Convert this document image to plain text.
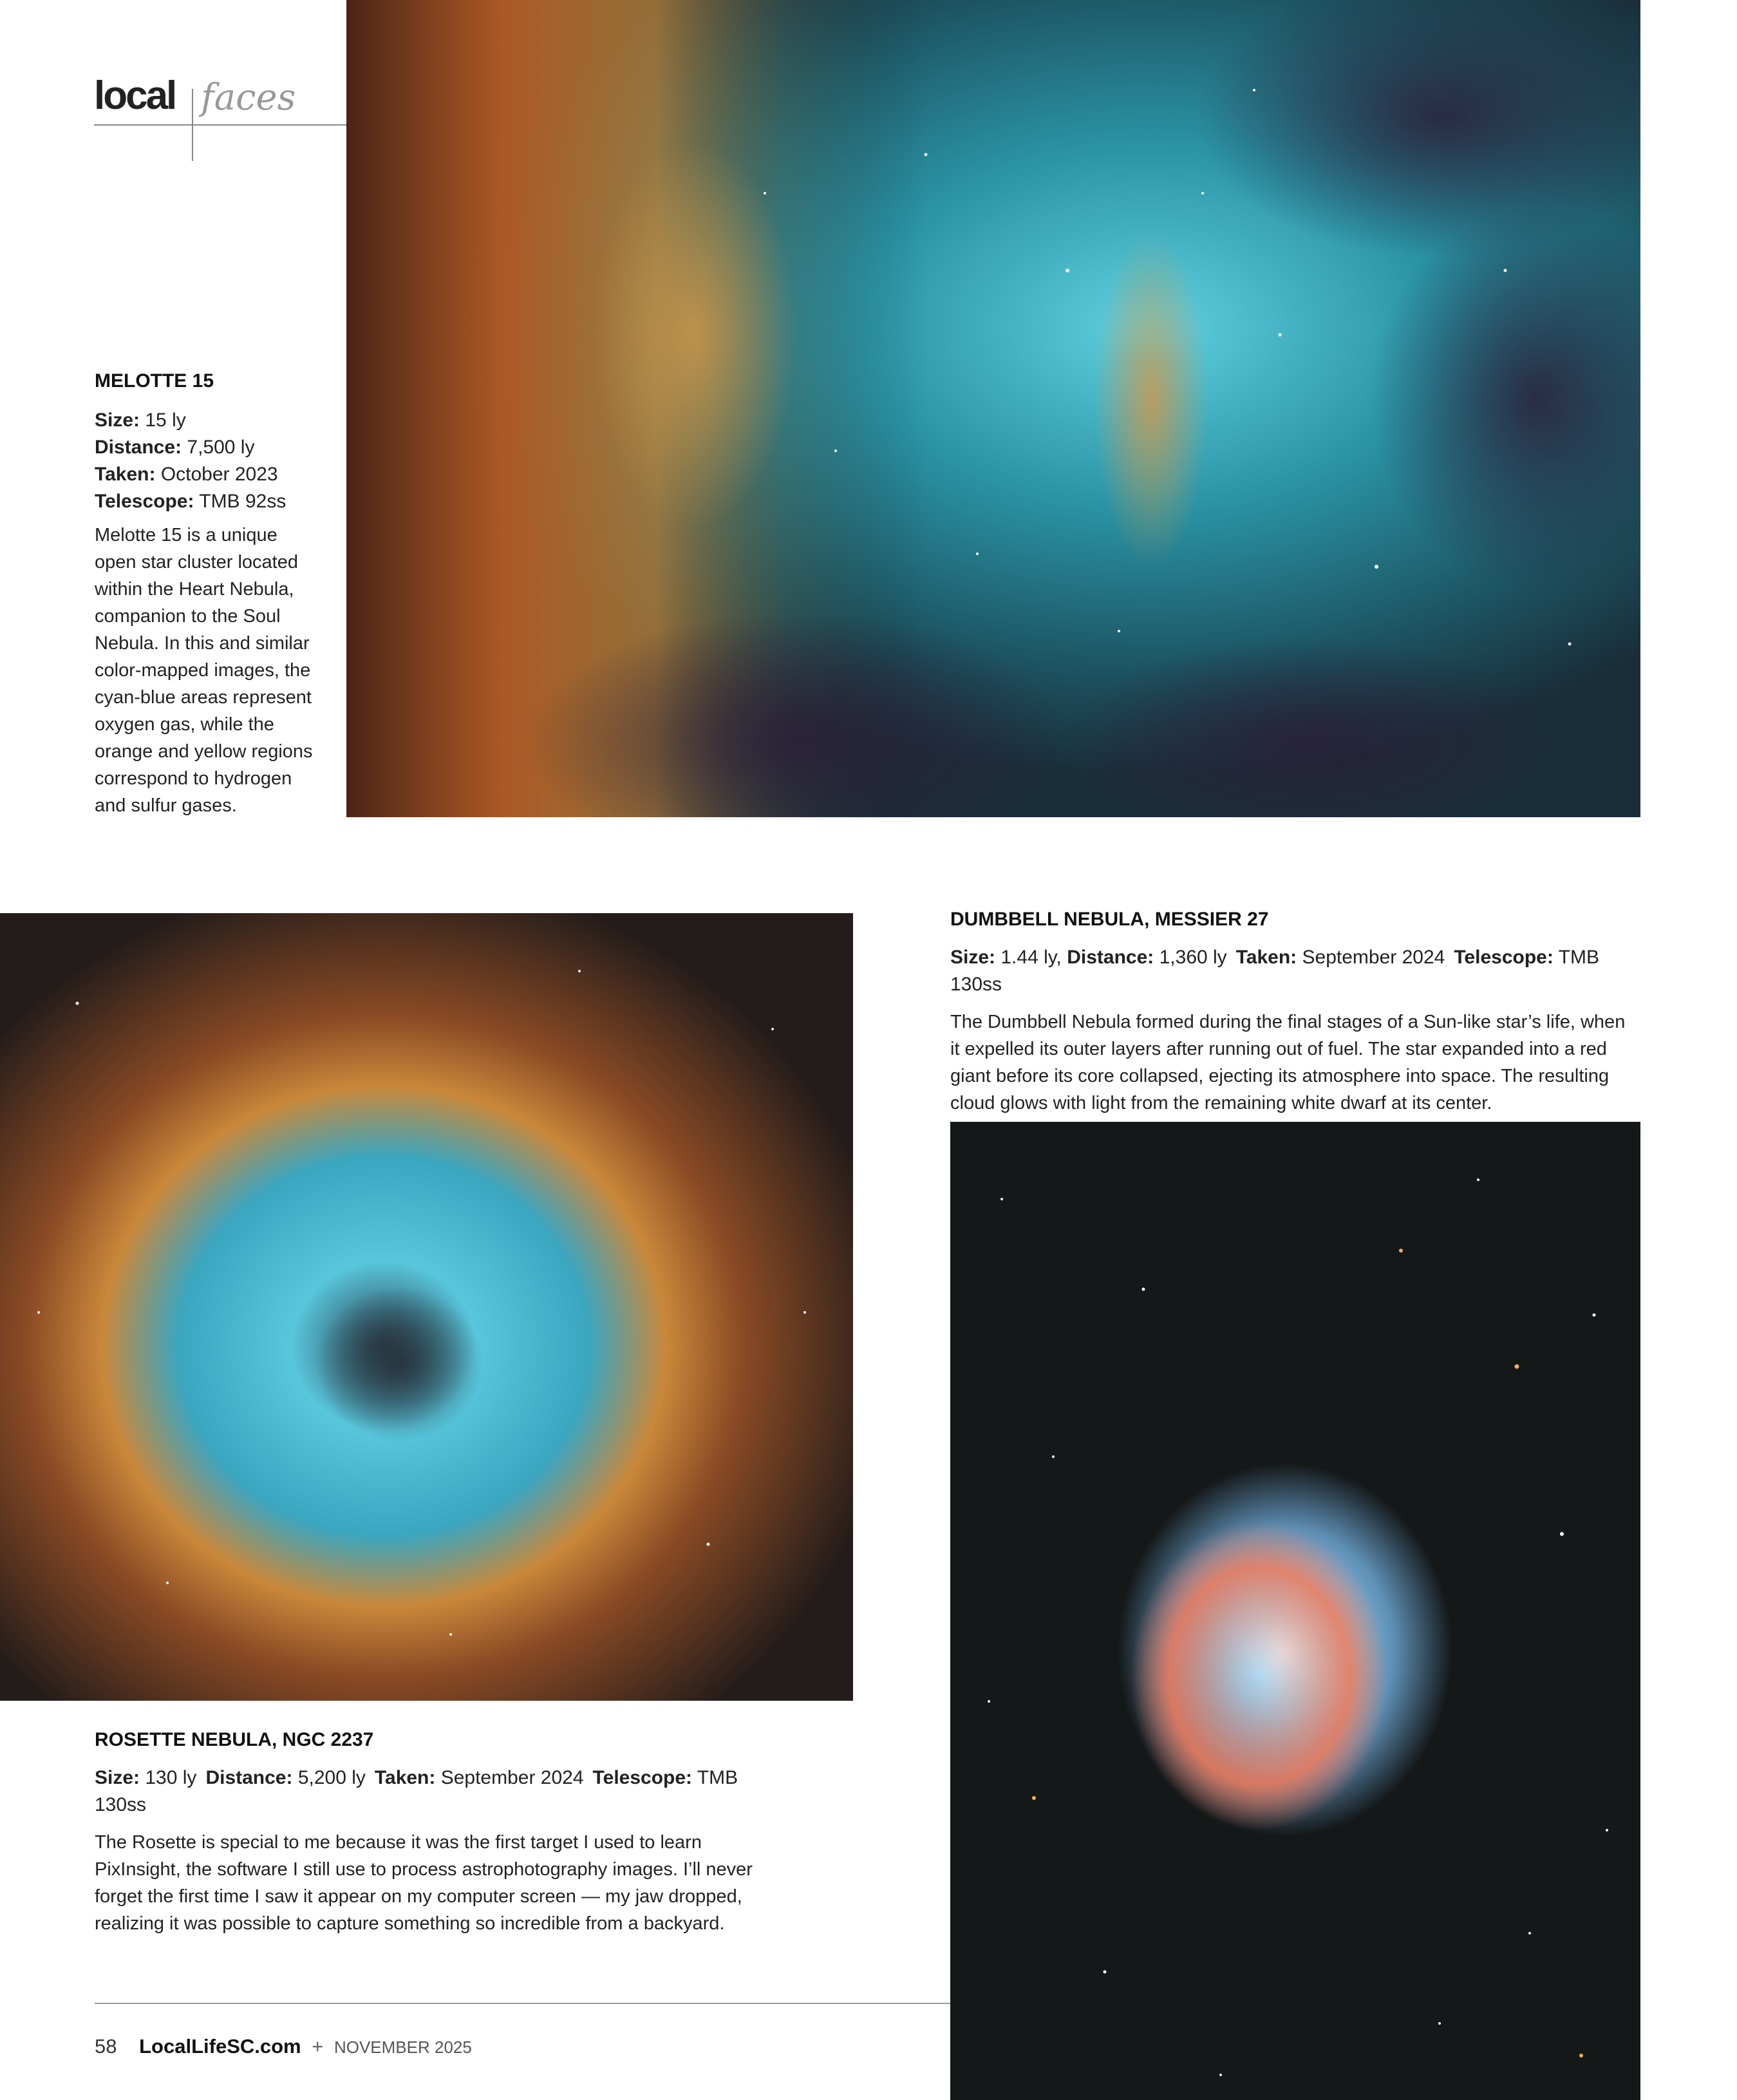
local faces
MELOTTE 15
Size: 15 ly
Distance: 7,500 ly
Taken: October 2023
Telescope: TMB 92ss
Melotte 15 is a unique
open star cluster located
within the Heart Nebula,
companion to the Soul
Nebula. In this and similar
color-mapped images, the
cyan-blue areas represent
oxygen gas, while the
orange and yellow regions
correspond to hydrogen
and sulfur gases.
DUMBBELL NEBULA, MESSIER 27
Size: 1.44 ly, Distance: 1,360 ly Taken: September 2024 Telescope: TMB 130ss
The Dumbbell Nebula formed during the final stages of a Sun-like star’s life, when
it expelled its outer layers after running out of fuel. The star expanded into a red
giant before its core collapsed, ejecting its atmosphere into space. The resulting
cloud glows with light from the remaining white dwarf at its center.
ROSETTE NEBULA, NGC 2237
Size: 130 ly Distance: 5,200 ly Taken: September 2024 Telescope: TMB 130ss
The Rosette is special to me because it was the first target I used to learn
PixInsight, the software I still use to process astrophotography images. I’ll never
forget the first time I saw it appear on my computer screen — my jaw dropped,
realizing it was possible to capture something so incredible from a backyard.
58 LocalLifeSC.com + NOVEMBER 2025
